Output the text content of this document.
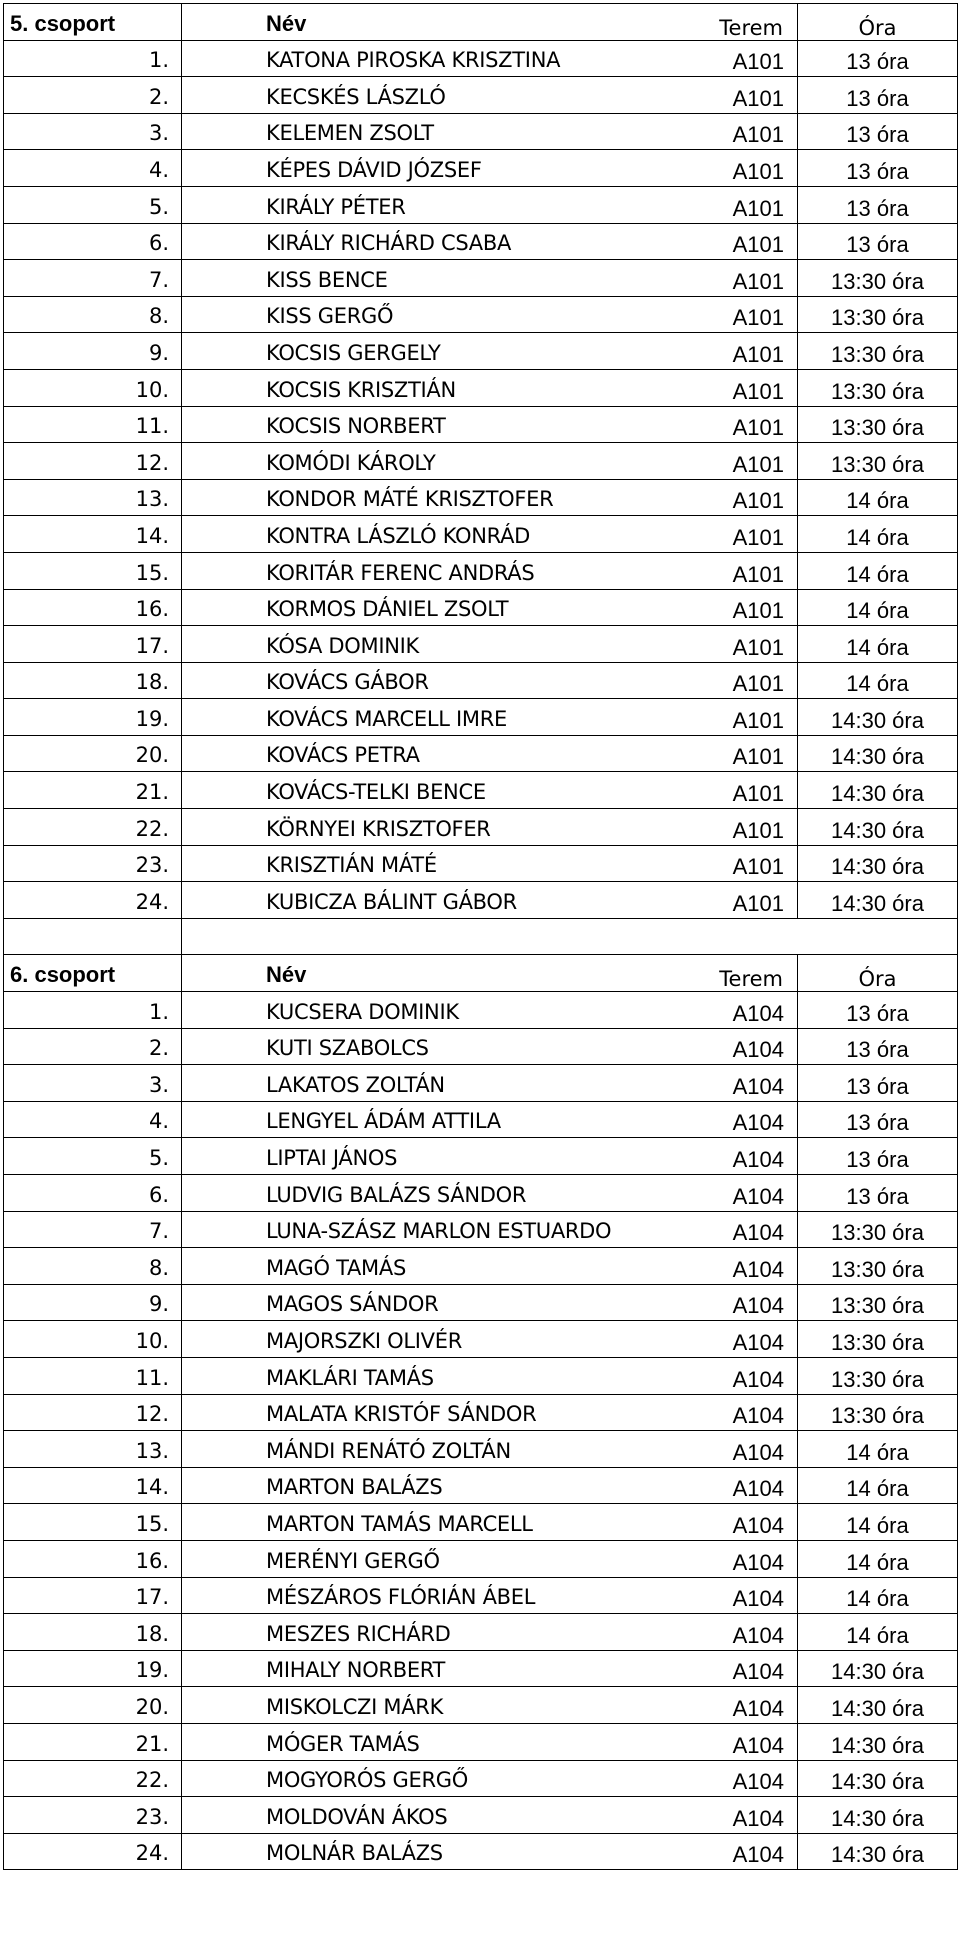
5. csoport	Név	Terem	Óra
1.	KATONA PIROSKA KRISZTINA	A101	13 óra
2.	KECSKÉS LÁSZLÓ	A101	13 óra
3.	KELEMEN ZSOLT	A101	13 óra
4.	KÉPES DÁVID JÓZSEF	A101	13 óra
5.	KIRÁLY PÉTER	A101	13 óra
6.	KIRÁLY RICHÁRD CSABA	A101	13 óra
7.	KISS BENCE	A101	13:30 óra
8.	KISS GERGŐ	A101	13:30 óra
9.	KOCSIS GERGELY	A101	13:30 óra
10.	KOCSIS KRISZTIÁN	A101	13:30 óra
11.	KOCSIS NORBERT	A101	13:30 óra
12.	KOMÓDI KÁROLY	A101	13:30 óra
13.	KONDOR MÁTÉ KRISZTOFER	A101	14 óra
14.	KONTRA LÁSZLÓ KONRÁD	A101	14 óra
15.	KORITÁR FERENC ANDRÁS	A101	14 óra
16.	KORMOS DÁNIEL ZSOLT	A101	14 óra
17.	KÓSA DOMINIK	A101	14 óra
18.	KOVÁCS GÁBOR	A101	14 óra
19.	KOVÁCS MARCELL IMRE	A101	14:30 óra
20.	KOVÁCS PETRA	A101	14:30 óra
21.	KOVÁCS-TELKI BENCE	A101	14:30 óra
22.	KÖRNYEI KRISZTOFER	A101	14:30 óra
23.	KRISZTIÁN MÁTÉ	A101	14:30 óra
24.	KUBICZA BÁLINT GÁBOR	A101	14:30 óra

6. csoport	Név	Terem	Óra
1.	KUCSERA DOMINIK	A104	13 óra
2.	KUTI SZABOLCS	A104	13 óra
3.	LAKATOS ZOLTÁN	A104	13 óra
4.	LENGYEL ÁDÁM ATTILA	A104	13 óra
5.	LIPTAI JÁNOS	A104	13 óra
6.	LUDVIG BALÁZS SÁNDOR	A104	13 óra
7.	LUNA-SZÁSZ MARLON ESTUARDO	A104	13:30 óra
8.	MAGÓ TAMÁS	A104	13:30 óra
9.	MAGOS SÁNDOR	A104	13:30 óra
10.	MAJORSZKI OLIVÉR	A104	13:30 óra
11.	MAKLÁRI TAMÁS	A104	13:30 óra
12.	MALATA KRISTÓF SÁNDOR	A104	13:30 óra
13.	MÁNDI RENÁTÓ ZOLTÁN	A104	14 óra
14.	MARTON BALÁZS	A104	14 óra
15.	MARTON TAMÁS MARCELL	A104	14 óra
16.	MERÉNYI GERGŐ	A104	14 óra
17.	MÉSZÁROS FLÓRIÁN ÁBEL	A104	14 óra
18.	MESZES RICHÁRD	A104	14 óra
19.	MIHALY NORBERT	A104	14:30 óra
20.	MISKOLCZI MÁRK	A104	14:30 óra
21.	MÓGER TAMÁS	A104	14:30 óra
22.	MOGYORÓS GERGŐ	A104	14:30 óra
23.	MOLDOVÁN ÁKOS	A104	14:30 óra
24.	MOLNÁR BALÁZS	A104	14:30 óra
